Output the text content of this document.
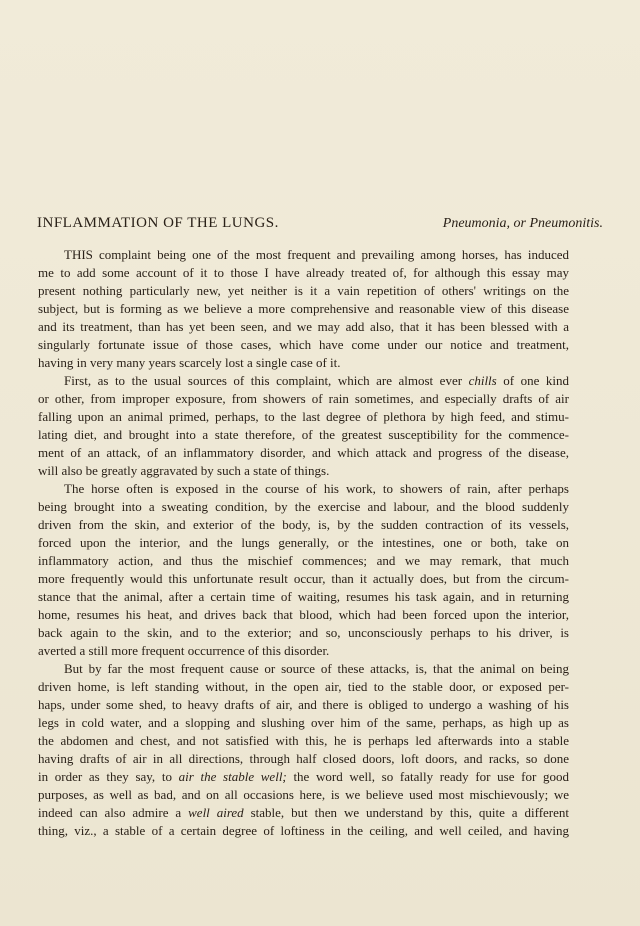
INFLAMMATION OF THE LUNGS.	Pneumonia, or Pneumonitis.
THIS complaint being one of the most frequent and prevailing among horses, has induced
me to add some account of it to those I have already treated of, for although this essay may
present nothing particularly new, yet neither is it a vain repetition of others' writings on the
subject, but is forming as we believe a more comprehensive and reasonable view of this disease
and its treatment, than has yet been seen, and we may add also, that it has been blessed with a
singularly fortunate issue of those cases, which have come under our notice and treatment,
having in very many years scarcely lost a single case of it.
First, as to the usual sources of this complaint, which are almost ever chills of one kind
or other, from improper exposure, from showers of rain sometimes, and especially drafts of air
falling upon an animal primed, perhaps, to the last degree of plethora by high feed, and stimu-
lating diet, and brought into a state therefore, of the greatest susceptibility for the commence-
ment of an attack, of an inflammatory disorder, and which attack and progress of the disease,
will also be greatly aggravated by such a state of things.
The horse often is exposed in the course of his work, to showers of rain, after perhaps
being brought into a sweating condition, by the exercise and labour, and the blood suddenly
driven from the skin, and exterior of the body, is, by the sudden contraction of its vessels,
forced upon the interior, and the lungs generally, or the intestines, one or both, take on
inflammatory action, and thus the mischief commences; and we may remark, that much
more frequently would this unfortunate result occur, than it actually does, but from the circum-
stance that the animal, after a certain time of waiting, resumes his task again, and in returning
home, resumes his heat, and drives back that blood, which had been forced upon the interior,
back again to the skin, and to the exterior; and so, unconsciously perhaps to his driver, is
averted a still more frequent occurrence of this disorder.
But by far the most frequent cause or source of these attacks, is, that the animal on being
driven home, is left standing without, in the open air, tied to the stable door, or exposed per-
haps, under some shed, to heavy drafts of air, and there is obliged to undergo a washing of his
legs in cold water, and a slopping and slushing over him of the same, perhaps, as high up as
the abdomen and chest, and not satisfied with this, he is perhaps led afterwards into a stable
having drafts of air in all directions, through half closed doors, loft doors, and racks, so done
in order as they say, to air the stable well; the word well, so fatally ready for use for good
purposes, as well as bad, and on all occasions here, is we believe used most mischievously; we
indeed can also admire a well aired stable, but then we understand by this, quite a different
thing, viz., a stable of a certain degree of loftiness in the ceiling, and well ceiled, and having
